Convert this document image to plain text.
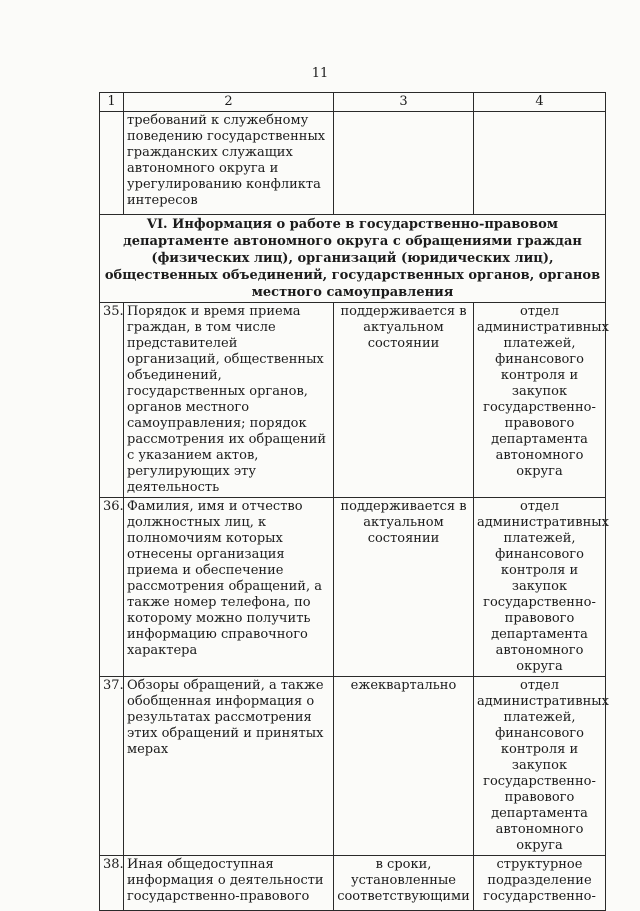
11
1	2	3	4
	требований к служебному поведению государственных гражданских служащих автономного округа и урегулированию конфликта интересов		
VI. Информация о работе в государственно-правовом департаменте автономного округа с обращениями граждан (физических лиц), организаций (юридических лиц), общественных объединений, государственных органов, органов местного самоуправления			
35.	Порядок и время приема граждан, в том числе представителей организаций, общественных объединений, государственных органов, органов местного самоуправления; порядок рассмотрения их обращений с указанием актов, регулирующих эту деятельность	поддерживается в актуальном состоянии	отдел административных платежей, финансового контроля и закупок государственно-правового департамента автономного округа
36.	Фамилия, имя и отчество должностных лиц, к полномочиям которых отнесены организация приема и обеспечение рассмотрения обращений, а также номер телефона, по которому можно получить информацию справочного характера	поддерживается в актуальном состоянии	отдел административных платежей, финансового контроля и закупок государственно-правового департамента автономного округа
37.	Обзоры обращений, а также обобщенная информация о результатах рассмотрения этих обращений и принятых мерах	ежеквартально	отдел административных платежей, финансового контроля и закупок государственно-правового департамента автономного округа
38.	Иная общедоступная информация о деятельности государственно-правового	в сроки, установленные соответствующими	структурное подразделение государственно-
